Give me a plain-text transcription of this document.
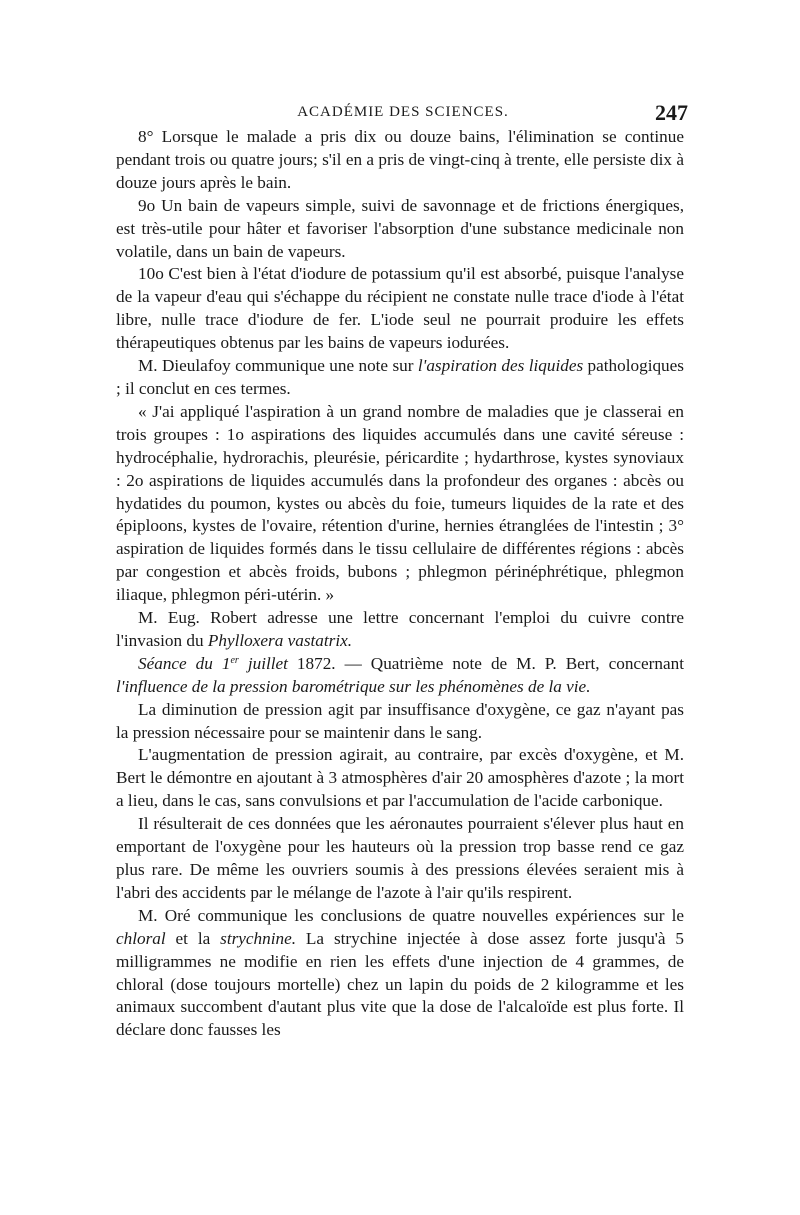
ACADÉMIE DES SCIENCES.	247

8° Lorsque le malade a pris dix ou douze bains, l'élimination se continue pendant trois ou quatre jours; s'il en a pris de vingt-cinq à trente, elle persiste dix à douze jours après le bain.

9o Un bain de vapeurs simple, suivi de savonnage et de frictions énergiques, est très-utile pour hâter et favoriser l'absorption d'une substance medicinale non volatile, dans un bain de vapeurs.

10o C'est bien à l'état d'iodure de potassium qu'il est absorbé, puisque l'analyse de la vapeur d'eau qui s'échappe du récipient ne constate nulle trace d'iode à l'état libre, nulle trace d'iodure de fer. L'iode seul ne pourrait produire les effets thérapeutiques obtenus par les bains de vapeurs iodurées.

M. Dieulafoy communique une note sur l'aspiration des liquides pathologiques ; il conclut en ces termes.

« J'ai appliqué l'aspiration à un grand nombre de maladies que je classerai en trois groupes : 1o aspirations des liquides accumulés dans une cavité séreuse : hydrocéphalie, hydrorachis, pleurésie, péricardite ; hydarthrose, kystes synoviaux : 2o aspirations de liquides accumulés dans la profondeur des organes : abcès ou hydatides du poumon, kystes ou abcès du foie, tumeurs liquides de la rate et des épiploons, kystes de l'ovaire, rétention d'urine, hernies étranglées de l'intestin ; 3° aspiration de liquides formés dans le tissu cellulaire de différentes régions : abcès par congestion et abcès froids, bubons ; phlegmon périnéphrétique, phlegmon iliaque, phlegmon péri-utérin. »

M. Eug. Robert adresse une lettre concernant l'emploi du cuivre contre l'invasion du Phylloxera vastatrix.

Séance du 1er juillet 1872. — Quatrième note de M. P. Bert, concernant l'influence de la pression barométrique sur les phénomènes de la vie.

La diminution de pression agit par insuffisance d'oxygène, ce gaz n'ayant pas la pression nécessaire pour se maintenir dans le sang.

L'augmentation de pression agirait, au contraire, par excès d'oxygène, et M. Bert le démontre en ajoutant à 3 atmosphères d'air 20 amosphères d'azote ; la mort a lieu, dans le cas, sans convulsions et par l'accumulation de l'acide carbonique.

Il résulterait de ces données que les aéronautes pourraient s'élever plus haut en emportant de l'oxygène pour les hauteurs où la pression trop basse rend ce gaz plus rare. De même les ouvriers soumis à des pressions élevées seraient mis à l'abri des accidents par le mélange de l'azote à l'air qu'ils respirent.

M. Oré communique les conclusions de quatre nouvelles expériences sur le chloral et la strychnine. La strychine injectée à dose assez forte jusqu'à 5 milligrammes ne modifie en rien les effets d'une injection de 4 grammes, de chloral (dose toujours mortelle) chez un lapin du poids de 2 kilogramme et les animaux succombent d'autant plus vite que la dose de l'alcaloïde est plus forte. Il déclare donc fausses les
